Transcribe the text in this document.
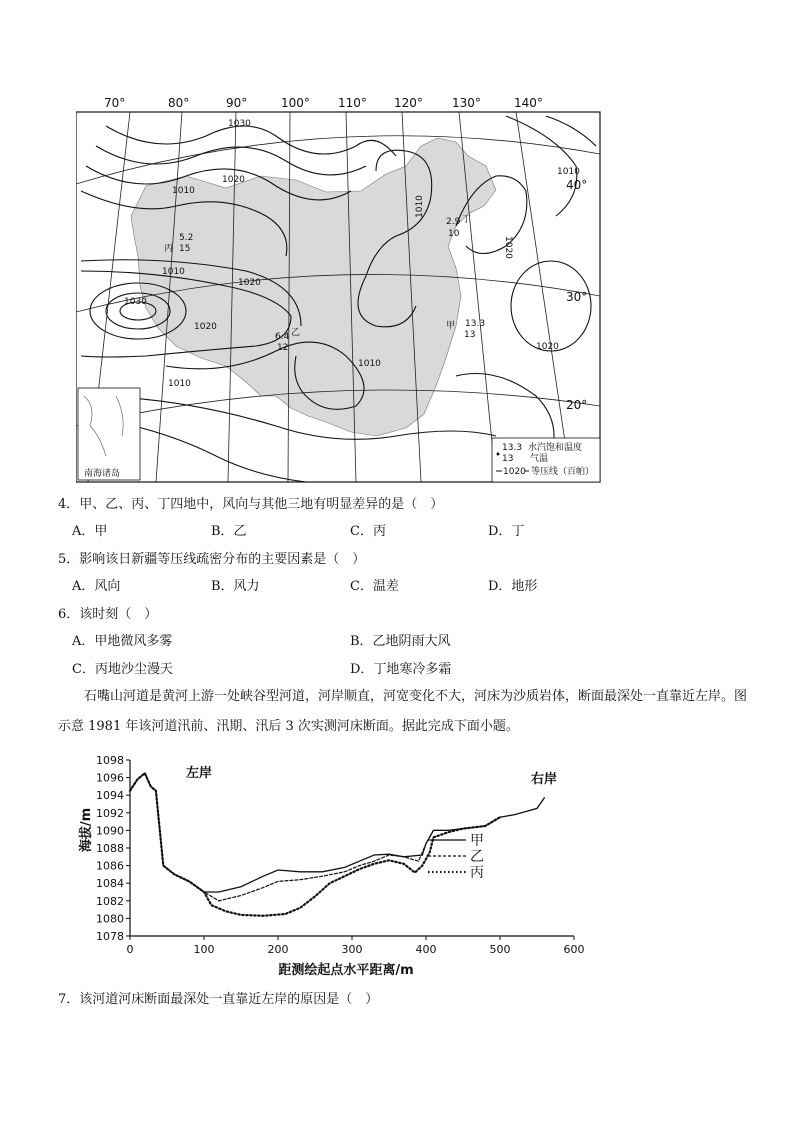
1030
1020
1010
1010
1030
1020
1010
1020
1010
1010
1020
1010
1020
5.2
丙 15
6.4 乙
12
2.9 丁
10
甲 13.3
13
南海诸岛
13.3 水汽饱和温度
13 气温
1020 等压线（百帕）
70°	80°	90°	100° 110° 120° 130°	140°
40°
30°
20°
4．甲、乙、丙、丁四地中，风向与其他三地有明显差异的是（　）
A．甲	B．乙	C．丙	D．丁
5．影响该日新疆等压线疏密分布的主要因素是（　）
A．风向	B．风力	C．温差	D．地形
6．该时刻（　）
A．甲地微风多雾	B．乙地阴雨大风
C．丙地沙尘漫天	D．丁地寒冷多霜
石嘴山河道是黄河上游一处峡谷型河道，河岸顺直，河宽变化不大，河床为沙质岩体，断面最深处一直靠近左岸。图示意 1981 年该河道汛前、汛期、汛后 3 次实测河床断面。据此完成下面小题。
0	100	200	300	400	500	600
1078
1080
1082
1084
1086
1088
1090
1092
1094
1096
1098
甲
乙
丙
左岸	右岸
距测绘起点水平距离/m
海拔/m
7．该河道河床断面最深处一直靠近左岸的原因是（　）
